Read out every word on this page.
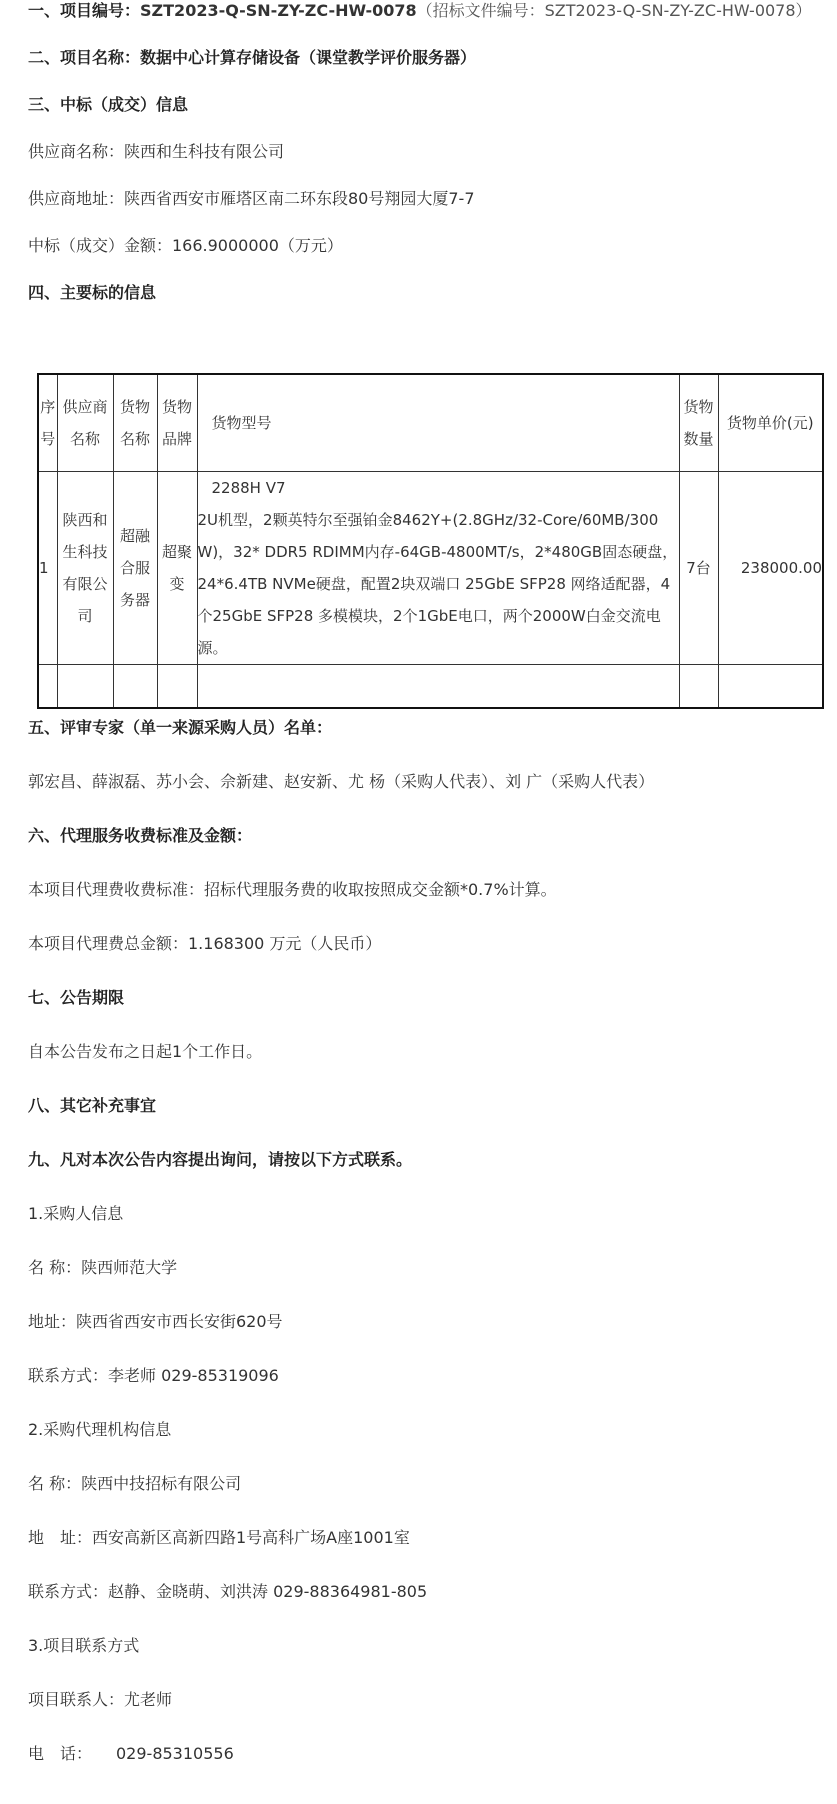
一、项目编号：SZT2023-Q-SN-ZY-ZC-HW-0078（招标文件编号：SZT2023-Q-SN-ZY-ZC-HW-0078）
二、项目名称：数据中心计算存储设备（课堂教学评价服务器）
三、中标（成交）信息
供应商名称：陕西和生科技有限公司
供应商地址：陕西省西安市雁塔区南二环东段80号翔园大厦7-7
中标（成交）金额：166.9000000（万元）
四、主要标的信息
序号	供应商名称	货物名称	货物品牌	货物型号	货物数量	货物单价(元)
1	陕西和生科技有限公司	超融合服务器	超聚变	2288H V7
2U机型，2颗英特尔至强铂金8462Y+(2.8GHz/32-Core/60MB/300W)，32* DDR5 RDIMM内存-64GB-4800MT/s，2*480GB固态硬盘，24*6.4TB NVMe硬盘，配置2块双端口 25GbE SFP28 网络适配器，4个25GbE SFP28 多模模块，2个1GbE电口，两个2000W白金交流电源。	7台	238000.00

五、评审专家（单一来源采购人员）名单：
郭宏昌、薛淑磊、苏小会、佘新建、赵安新、尤 杨（采购人代表）、刘 广（采购人代表）
六、代理服务收费标准及金额：
本项目代理费收费标准：招标代理服务费的收取按照成交金额*0.7%计算。
本项目代理费总金额：1.168300 万元（人民币）
七、公告期限
自本公告发布之日起1个工作日。
八、其它补充事宜
九、凡对本次公告内容提出询问，请按以下方式联系。
1.采购人信息
名 称：陕西师范大学
地址：陕西省西安市西长安街620号
联系方式：李老师 029-85319096
2.采购代理机构信息
名 称：陕西中技招标有限公司
地　址：西安高新区高新四路1号高科广场A座1001室
联系方式：赵静、金晓萌、刘洪涛 029-88364981-805
3.项目联系方式
项目联系人：尤老师
电　话：　　029-85310556
